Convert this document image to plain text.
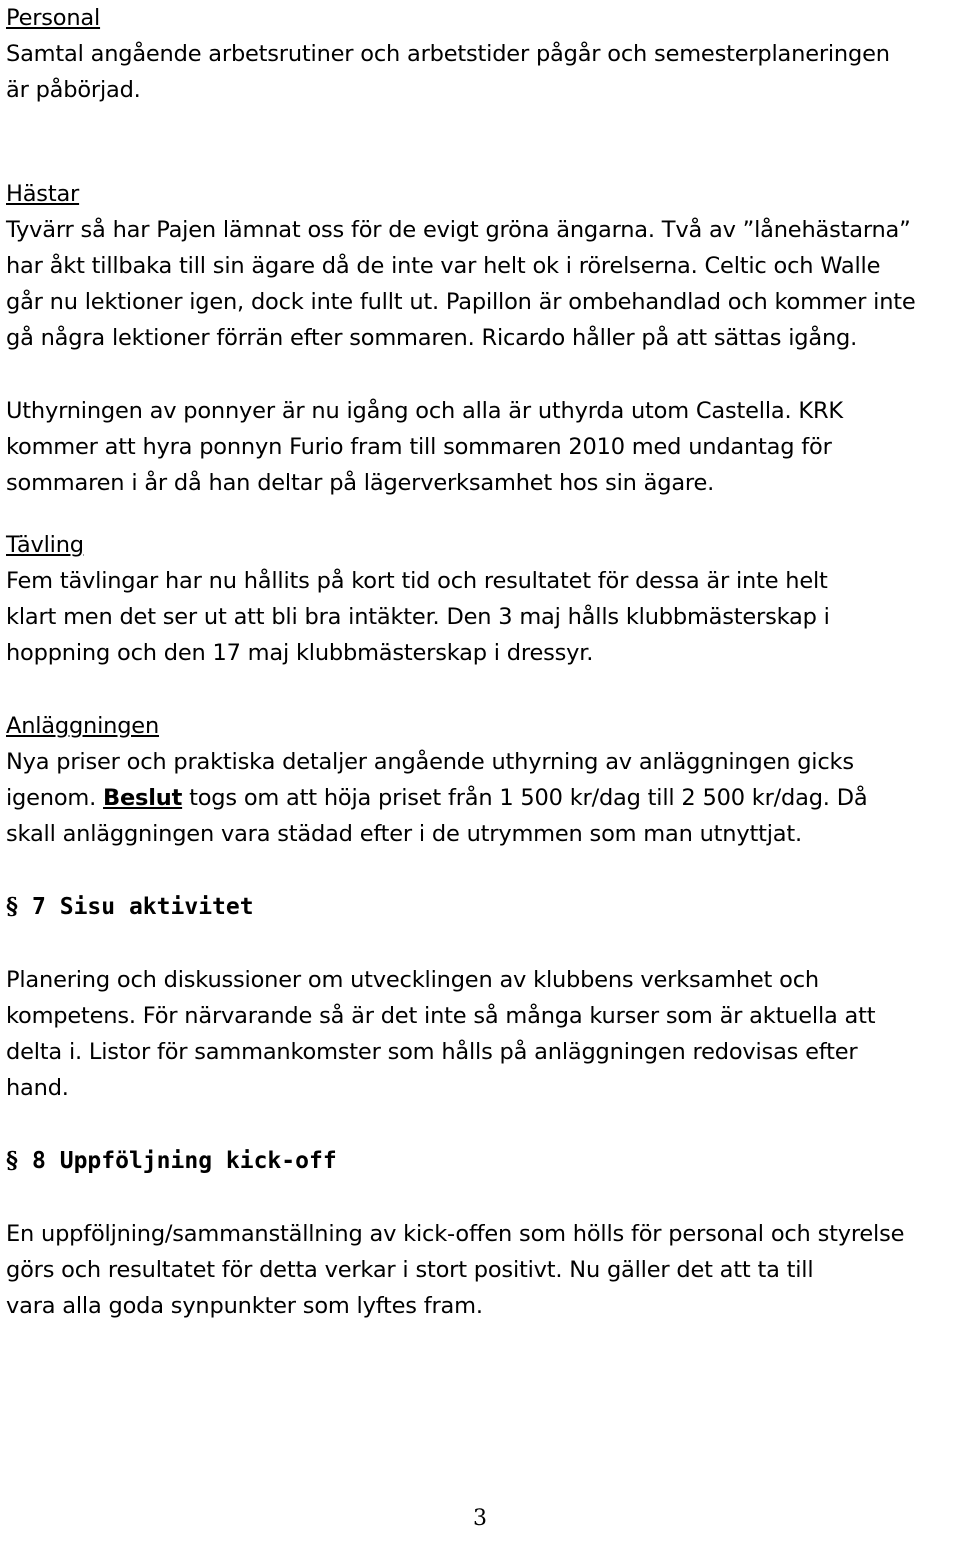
Personal
Samtal angående arbetsrutiner och arbetstider pågår och semesterplaneringen
är påbörjad.
Hästar
Tyvärr så har Pajen lämnat oss för de evigt gröna ängarna. Två av ”lånehästarna”
har åkt tillbaka till sin ägare då de inte var helt ok i rörelserna. Celtic och Walle
går nu lektioner igen, dock inte fullt ut. Papillon är ombehandlad och kommer inte
gå några lektioner förrän efter sommaren. Ricardo håller på att sättas igång.
Uthyrningen av ponnyer är nu igång och alla är uthyrda utom Castella. KRK
kommer att hyra ponnyn Furio fram till sommaren 2010 med undantag för
sommaren i år då han deltar på lägerverksamhet hos sin ägare.
Tävling
Fem tävlingar har nu hållits på kort tid och resultatet för dessa är inte helt
klart men det ser ut att bli bra intäkter. Den 3 maj hålls klubbmästerskap i
hoppning och den 17 maj klubbmästerskap i dressyr.
Anläggningen
Nya priser och praktiska detaljer angående uthyrning av anläggningen gicks
igenom. Beslut togs om att höja priset från 1 500 kr/dag till 2 500 kr/dag. Då
skall anläggningen vara städad efter i de utrymmen som man utnyttjat.
§ 7 Sisu aktivitet
Planering och diskussioner om utvecklingen av klubbens verksamhet och
kompetens. För närvarande så är det inte så många kurser som är aktuella att
delta i. Listor för sammankomster som hålls på anläggningen redovisas efter
hand.
§ 8 Uppföljning kick-off
En uppföljning/sammanställning av kick-offen som hölls för personal och styrelse
görs och resultatet för detta verkar i stort positivt. Nu gäller det att ta till
vara alla goda synpunkter som lyftes fram.
3
